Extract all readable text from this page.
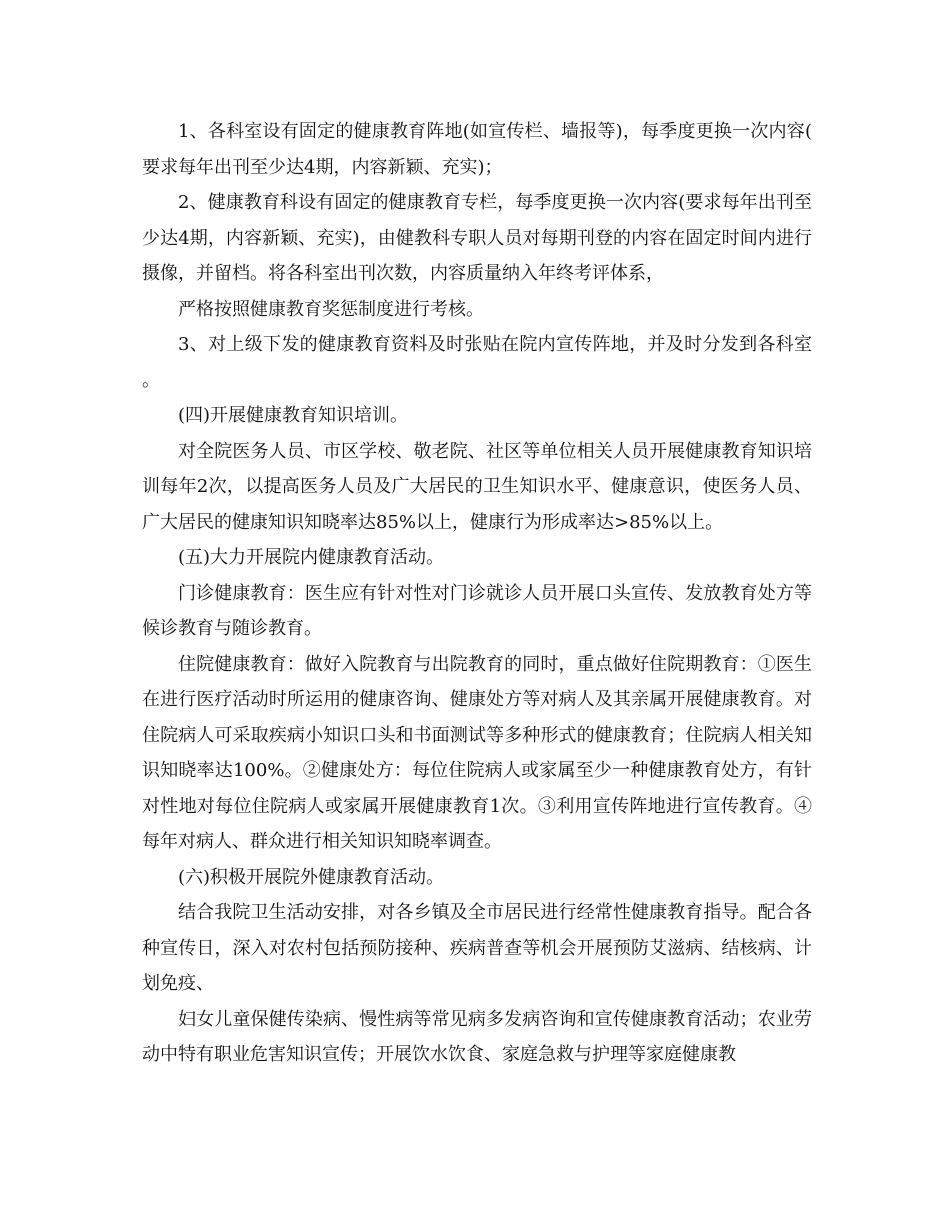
1、各科室设有固定的健康教育阵地(如宣传栏、墙报等)，每季度更换一次内容(要求每年出刊至少达4期，内容新颖、充实)；

2、健康教育科设有固定的健康教育专栏，每季度更换一次内容(要求每年出刊至少达4期，内容新颖、充实)，由健教科专职人员对每期刊登的内容在固定时间内进行摄像，并留档。将各科室出刊次数，内容质量纳入年终考评体系，

严格按照健康教育奖惩制度进行考核。

3、对上级下发的健康教育资料及时张贴在院内宣传阵地，并及时分发到各科室。

(四)开展健康教育知识培训。

对全院医务人员、市区学校、敬老院、社区等单位相关人员开展健康教育知识培训每年2次，以提高医务人员及广大居民的卫生知识水平、健康意识，使医务人员、广大居民的健康知识知晓率达85%以上，健康行为形成率达>85%以上。

(五)大力开展院内健康教育活动。

门诊健康教育：医生应有针对性对门诊就诊人员开展口头宣传、发放教育处方等候诊教育与随诊教育。

住院健康教育：做好入院教育与出院教育的同时，重点做好住院期教育：①医生在进行医疗活动时所运用的健康咨询、健康处方等对病人及其亲属开展健康教育。对住院病人可采取疾病小知识口头和书面测试等多种形式的健康教育；住院病人相关知识知晓率达100%。②健康处方：每位住院病人或家属至少一种健康教育处方，有针对性地对每位住院病人或家属开展健康教育1次。③利用宣传阵地进行宣传教育。④每年对病人、群众进行相关知识知晓率调查。

(六)积极开展院外健康教育活动。

结合我院卫生活动安排，对各乡镇及全市居民进行经常性健康教育指导。配合各种宣传日，深入对农村包括预防接种、疾病普查等机会开展预防艾滋病、结核病、计划免疫、

妇女儿童保健传染病、慢性病等常见病多发病咨询和宣传健康教育活动；农业劳动中特有职业危害知识宣传；开展饮水饮食、家庭急救与护理等家庭健康教
